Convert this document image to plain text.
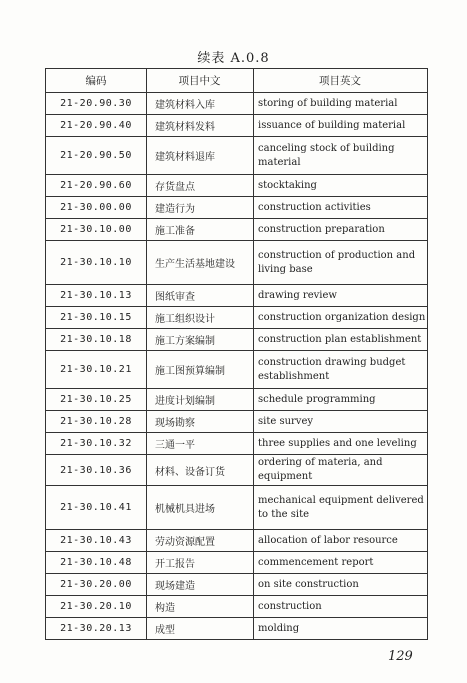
续表 A.0.8
编码	项目中文	项目英文
21-20.90.30	建筑材料入库	storing of building material
21-20.90.40	建筑材料发料	issuance of building material
21-20.90.50	建筑材料退库	canceling stock of building material
21-20.90.60	存货盘点	stocktaking
21-30.00.00	建造行为	construction activities
21-30.10.00	施工准备	construction preparation
21-30.10.10	生产生活基地建设	construction of production and living base
21-30.10.13	图纸审查	drawing review
21-30.10.15	施工组织设计	construction organization design
21-30.10.18	施工方案编制	construction plan establishment
21-30.10.21	施工图预算编制	construction drawing budget establishment
21-30.10.25	进度计划编制	schedule programming
21-30.10.28	现场勘察	site survey
21-30.10.32	三通一平	three supplies and one leveling
21-30.10.36	材料、设备订货	ordering of materia, and equipment
21-30.10.41	机械机具进场	mechanical equipment delivered to the site
21-30.10.43	劳动资源配置	allocation of labor resource
21-30.10.48	开工报告	commencement report
21-30.20.00	现场建造	on site construction
21-30.20.10	构造	construction
21-30.20.13	成型	molding
129
